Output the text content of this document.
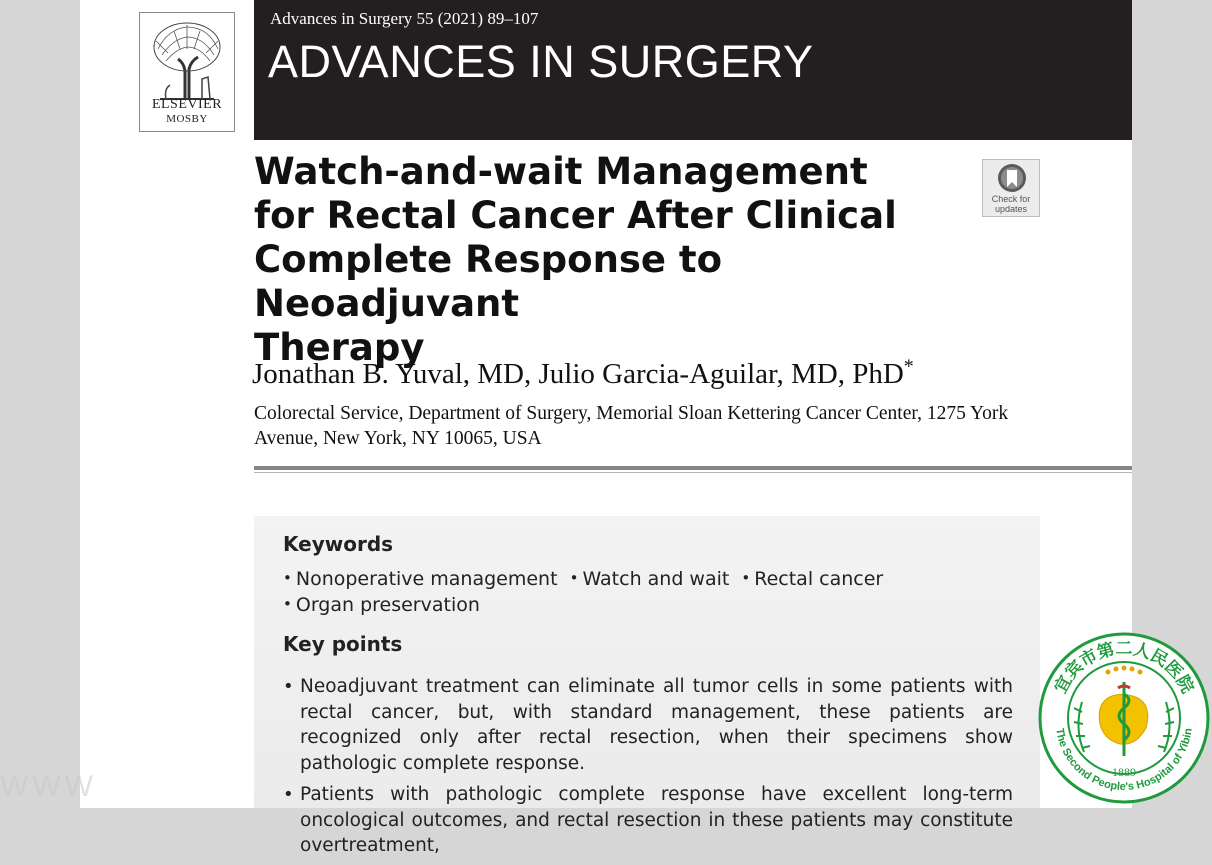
ELSEVIER
MOSBY
Advances in Surgery 55 (2021) 89–107
ADVANCES IN SURGERY
Watch-and-wait Management
for Rectal Cancer After Clinical
Complete Response to Neoadjuvant
Therapy
Check for
updates
Jonathan B. Yuval, MD, Julio Garcia-Aguilar, MD, PhD*
Colorectal Service, Department of Surgery, Memorial Sloan Kettering Cancer Center, 1275 York
Avenue, New York, NY 10065, USA
Keywords
• Nonoperative management • Watch and wait • Rectal cancer
• Organ preservation
Key points
• Neoadjuvant treatment can eliminate all tumor cells in some patients with rectal cancer, but, with standard management, these patients are recognized only after rectal resection, when their specimens show pathologic complete response.
• Patients with pathologic complete response have excellent long-term oncological outcomes, and rectal resection in these patients may constitute overtreatment,
WWW
宜宾市第二人民医院
The Second People's Hospital of Yibin
1889
